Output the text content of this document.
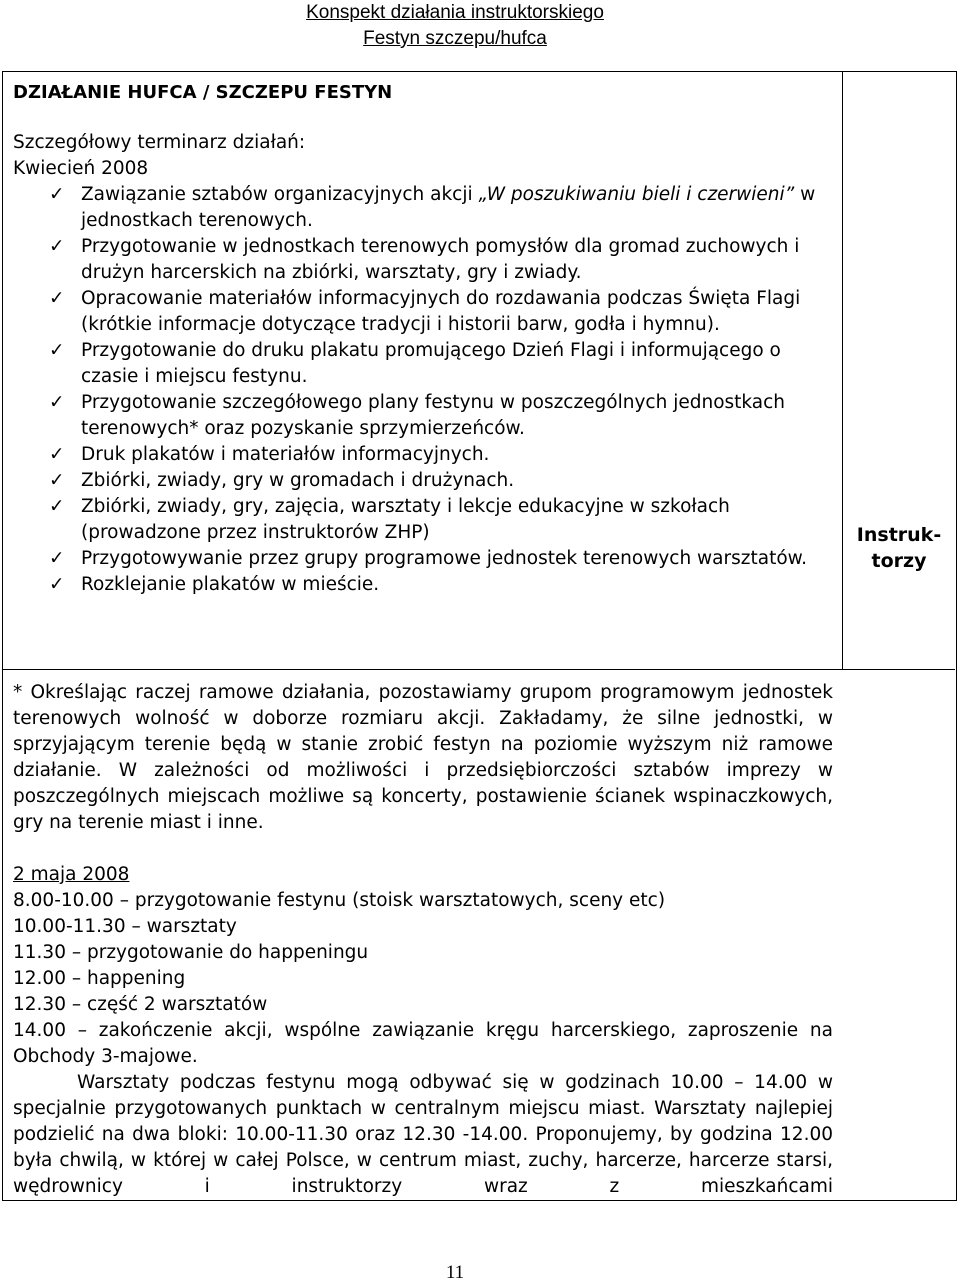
Konspekt działania instruktorskiego
Festyn szczepu/hufca
DZIAŁANIE HUFCA / SZCZEPU FESTYN
Szczegółowy terminarz działań:
Kwiecień 2008
✓ Zawiązanie sztabów organizacyjnych akcji „W poszukiwaniu bieli i czerwieni” w jednostkach terenowych.
✓ Przygotowanie w jednostkach terenowych pomysłów dla gromad zuchowych i drużyn harcerskich na zbiórki, warsztaty, gry i zwiady.
✓ Opracowanie materiałów informacyjnych do rozdawania podczas Święta Flagi (krótkie informacje dotyczące tradycji i historii barw, godła i hymnu).
✓ Przygotowanie do druku plakatu promującego Dzień Flagi i informującego o czasie i miejscu festynu.
✓ Przygotowanie szczegółowego plany festynu w poszczególnych jednostkach terenowych* oraz pozyskanie sprzymierzeńców.
✓ Druk plakatów i materiałów informacyjnych.
✓ Zbiórki, zwiady, gry w gromadach i drużynach.
✓ Zbiórki, zwiady, gry, zajęcia, warsztaty i lekcje edukacyjne w szkołach (prowadzone przez instruktorów ZHP)
✓ Przygotowywanie przez grupy programowe jednostek terenowych warsztatów.
✓ Rozklejanie plakatów w mieście.
Instruk-
torzy
* Określając raczej ramowe działania, pozostawiamy grupom programowym jednostek terenowych wolność w doborze rozmiaru akcji. Zakładamy, że silne jednostki, w sprzyjającym terenie będą w stanie zrobić festyn na poziomie wyższym niż ramowe działanie. W zależności od możliwości i przedsiębiorczości sztabów imprezy w poszczególnych miejscach możliwe są koncerty, postawienie ścianek wspinaczkowych, gry na terenie miast i inne.
2 maja 2008
8.00-10.00 – przygotowanie festynu (stoisk warsztatowych, sceny etc)
10.00-11.30 – warsztaty
11.30 – przygotowanie do happeningu
12.00 – happening
12.30 – część 2 warsztatów
14.00 – zakończenie akcji, wspólne zawiązanie kręgu harcerskiego, zaproszenie na Obchody 3-majowe.
Warsztaty podczas festynu mogą odbywać się w godzinach 10.00 – 14.00 w specjalnie przygotowanych punktach w centralnym miejscu miast. Warsztaty najlepiej podzielić na dwa bloki: 10.00-11.30 oraz 12.30 -14.00. Proponujemy, by godzina 12.00 była chwilą, w której w całej Polsce, w centrum miast, zuchy, harcerze, harcerze starsi, wędrownicy i instruktorzy wraz z mieszkańcami
11
